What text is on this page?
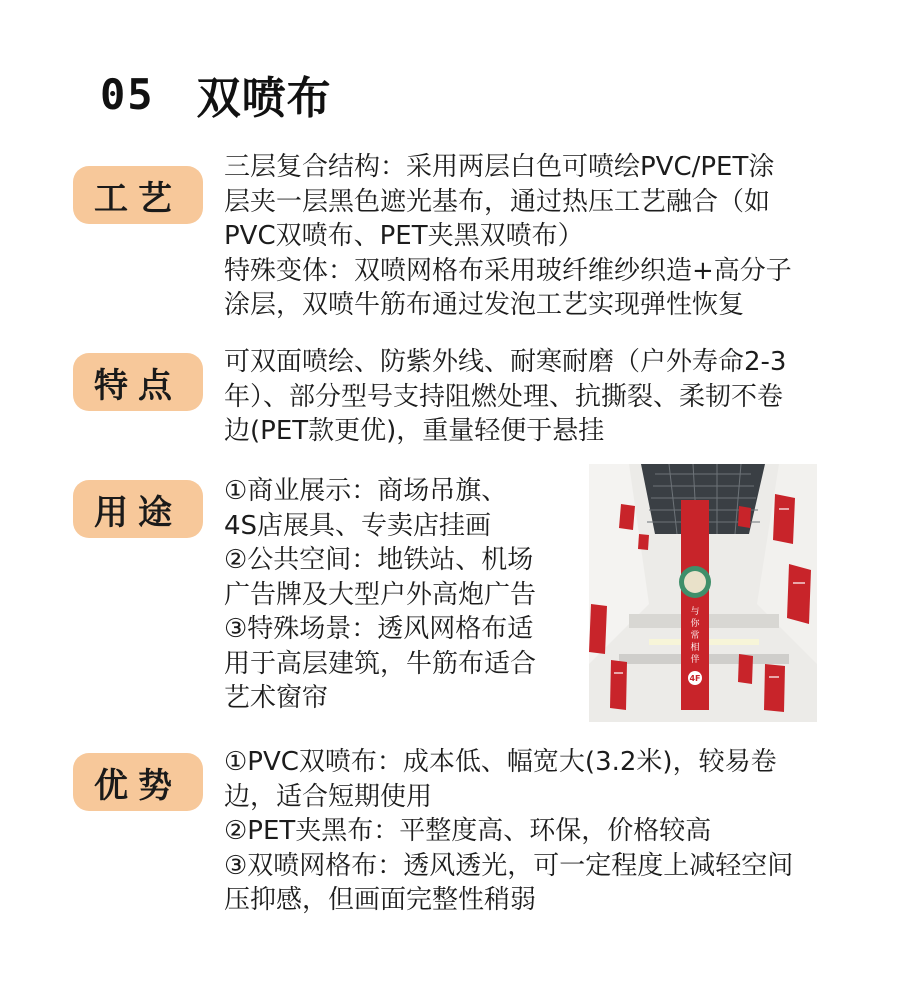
05 双喷布
工艺

三层复合结构：采用两层白色可喷绘PVC/PET涂

层夹一层黑色遮光基布，通过热压工艺融合（如

PVC双喷布、PET夹黑双喷布）

特殊变体：双喷网格布采用玻纤维纱织造+高分子

涂层，双喷牛筋布通过发泡工艺实现弹性恢复

特点

可双面喷绘、防紫外线、耐寒耐磨（户外寿命2-3

年）、部分型号支持阻燃处理、抗撕裂、柔韧不卷

边(PET款更优)，重量轻便于悬挂

用途

①商业展示：商场吊旗、

4S店展具、专卖店挂画

②公共空间：地铁站、机场

广告牌及大型户外高炮广告

③特殊场景：透风网格布适

用于高层建筑，牛筋布适合

艺术窗帘

与
你
常
相
伴
4F
优势

①PVC双喷布：成本低、幅宽大(3.2米)，较易卷

边，适合短期使用

②PET夹黑布：平整度高、环保，价格较高

③双喷网格布：透风透光，可一定程度上减轻空间

压抑感，但画面完整性稍弱
